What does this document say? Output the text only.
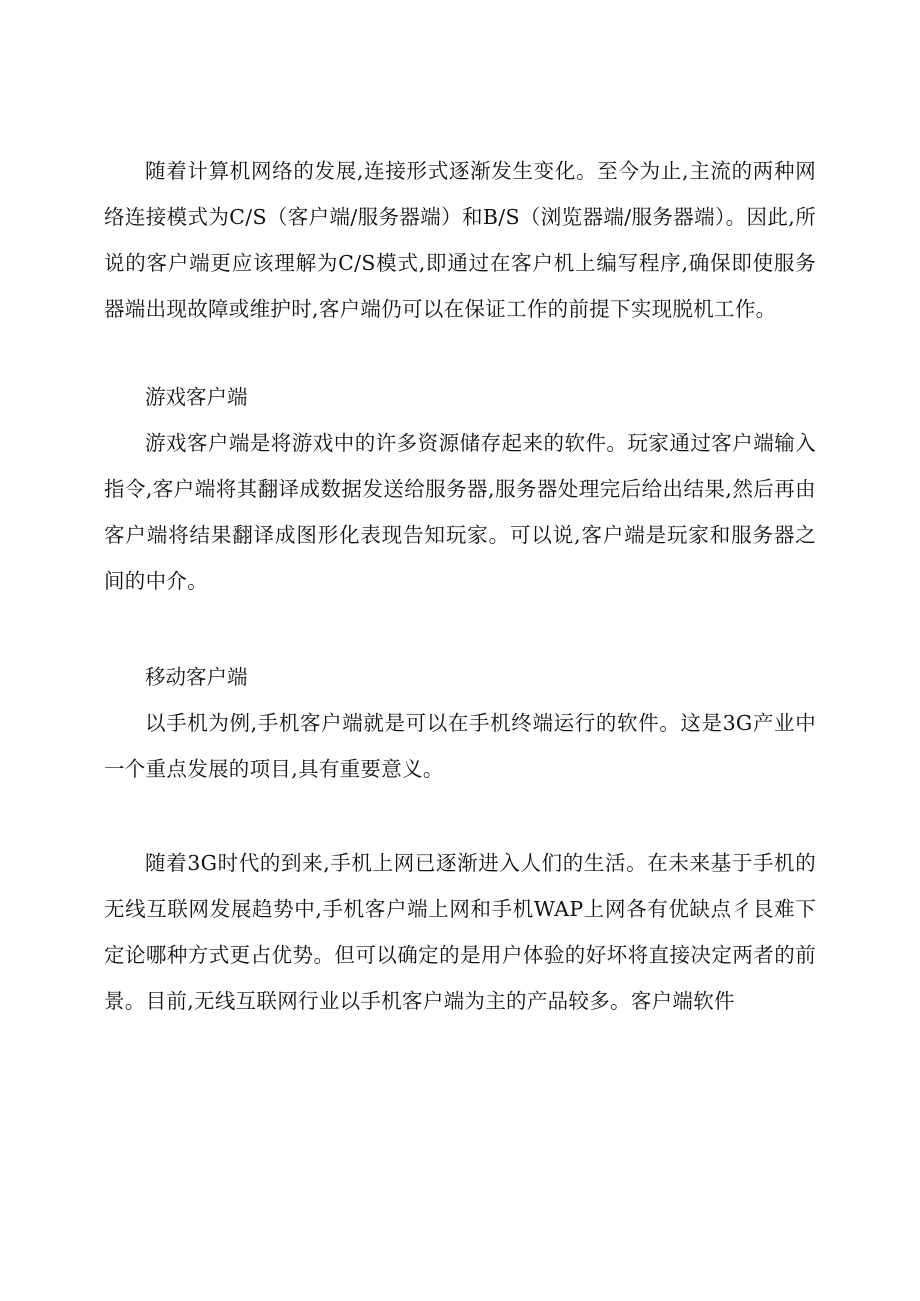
随着计算机网络的发展,连接形式逐渐发生变化。至今为止,主流的两种网络连接模式为C/S（客户端/服务器端）和B/S（浏览器端/服务器端）。因此,所说的客户端更应该理解为C/S模式,即通过在客户机上编写程序,确保即使服务器端出现故障或维护时,客户端仍可以在保证工作的前提下实现脱机工作。

游戏客户端

游戏客户端是将游戏中的许多资源储存起来的软件。玩家通过客户端输入指令,客户端将其翻译成数据发送给服务器,服务器处理完后给出结果,然后再由客户端将结果翻译成图形化表现告知玩家。可以说,客户端是玩家和服务器之间的中介。

移动客户端

以手机为例,手机客户端就是可以在手机终端运行的软件。这是3G产业中一个重点发展的项目,具有重要意义。

随着3G时代的到来,手机上网已逐渐进入人们的生活。在未来基于手机的无线互联网发展趋势中,手机客户端上网和手机WAP上网各有优缺点彳艮难下定论哪种方式更占优势。但可以确定的是用户体验的好坏将直接决定两者的前景。目前,无线互联网行业以手机客户端为主的产品较多。客户端软件
